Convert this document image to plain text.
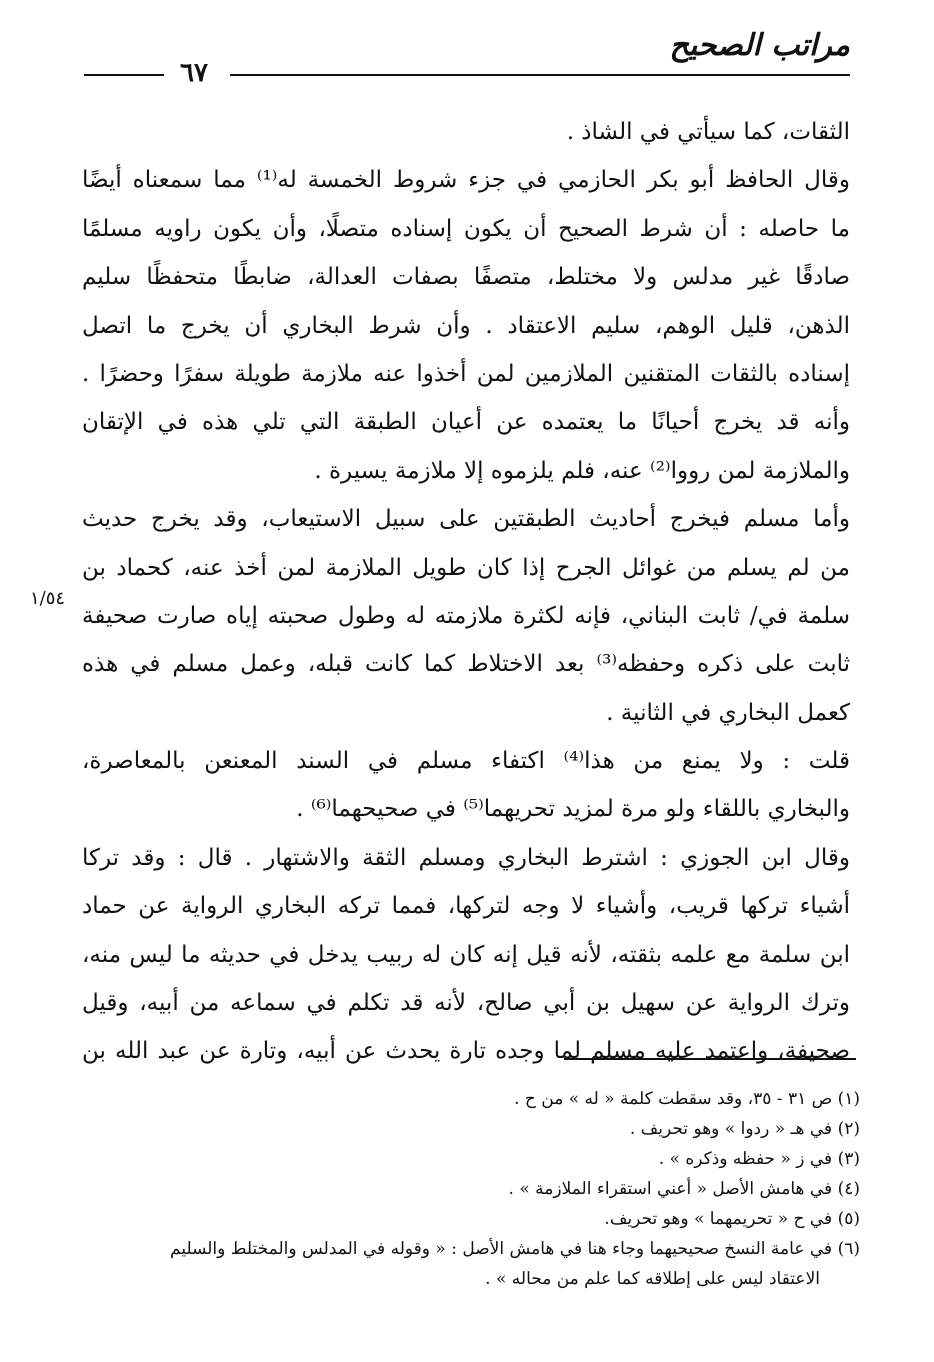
مراتب الصحيح
٦٧
١/٥٤
الثقات، كما سيأتي في الشاذ .
وقال الحافظ أبو بكر الحازمي في جزء شروط الخمسة له⁽¹⁾ مما سمعناه أيضًا
ما حاصله : أن شرط الصحيح أن يكون إسناده متصلًا، وأن يكون راويه مسلمًا
صادقًا غير مدلس ولا مختلط، متصفًا بصفات العدالة، ضابطًا متحفظًا سليم
الذهن، قليل الوهم، سليم الاعتقاد . وأن شرط البخاري أن يخرج ما اتصل
إسناده بالثقات المتقنين الملازمين لمن أخذوا عنه ملازمة طويلة سفرًا وحضرًا .
وأنه قد يخرج أحيانًا ما يعتمده عن أعيان الطبقة التي تلي هذه في الإتقان
والملازمة لمن رووا⁽²⁾ عنه، فلم يلزموه إلا ملازمة يسيرة .
وأما مسلم فيخرج أحاديث الطبقتين على سبيل الاستيعاب، وقد يخرج حديث
من لم يسلم من غوائل الجرح إذا كان طويل الملازمة لمن أخذ عنه، كحماد بن
سلمة في/ ثابت البناني، فإنه لكثرة ملازمته له وطول صحبته إياه صارت صحيفة
ثابت على ذكره وحفظه⁽³⁾ بعد الاختلاط كما كانت قبله، وعمل مسلم في هذه
كعمل البخاري في الثانية .
قلت : ولا يمنع من هذا⁽⁴⁾ اكتفاء مسلم في السند المعنعن بالمعاصرة،
والبخاري باللقاء ولو مرة لمزيد تحريهما⁽⁵⁾ في صحيحهما⁽⁶⁾ .
وقال ابن الجوزي : اشترط البخاري ومسلم الثقة والاشتهار . قال : وقد تركا
أشياء تركها قريب، وأشياء لا وجه لتركها، فمما تركه البخاري الرواية عن حماد
ابن سلمة مع علمه بثقته، لأنه قيل إنه كان له ربيب يدخل في حديثه ما ليس منه،
وترك الرواية عن سهيل بن أبي صالح، لأنه قد تكلم في سماعه من أبيه، وقيل
صحيفة، واعتمد عليه مسلم لما وجده تارة يحدث عن أبيه، وتارة عن عبد الله بن
(١) ص ٣١ - ٣٥، وقد سقطت كلمة « له » من ح .
(٢) في هـ « ردوا » وهو تحريف .
(٣) في ز « حفظه وذكره » .
(٤) في هامش الأصل « أعني استقراء الملازمة » .
(٥) في ح « تحريمهما » وهو تحريف.
(٦) في عامة النسخ صحيحيهما وجاء هنا في هامش الأصل : « وقوله في المدلس والمختلط والسليم
الاعتقاد ليس على إطلاقه كما علم من محاله » .
